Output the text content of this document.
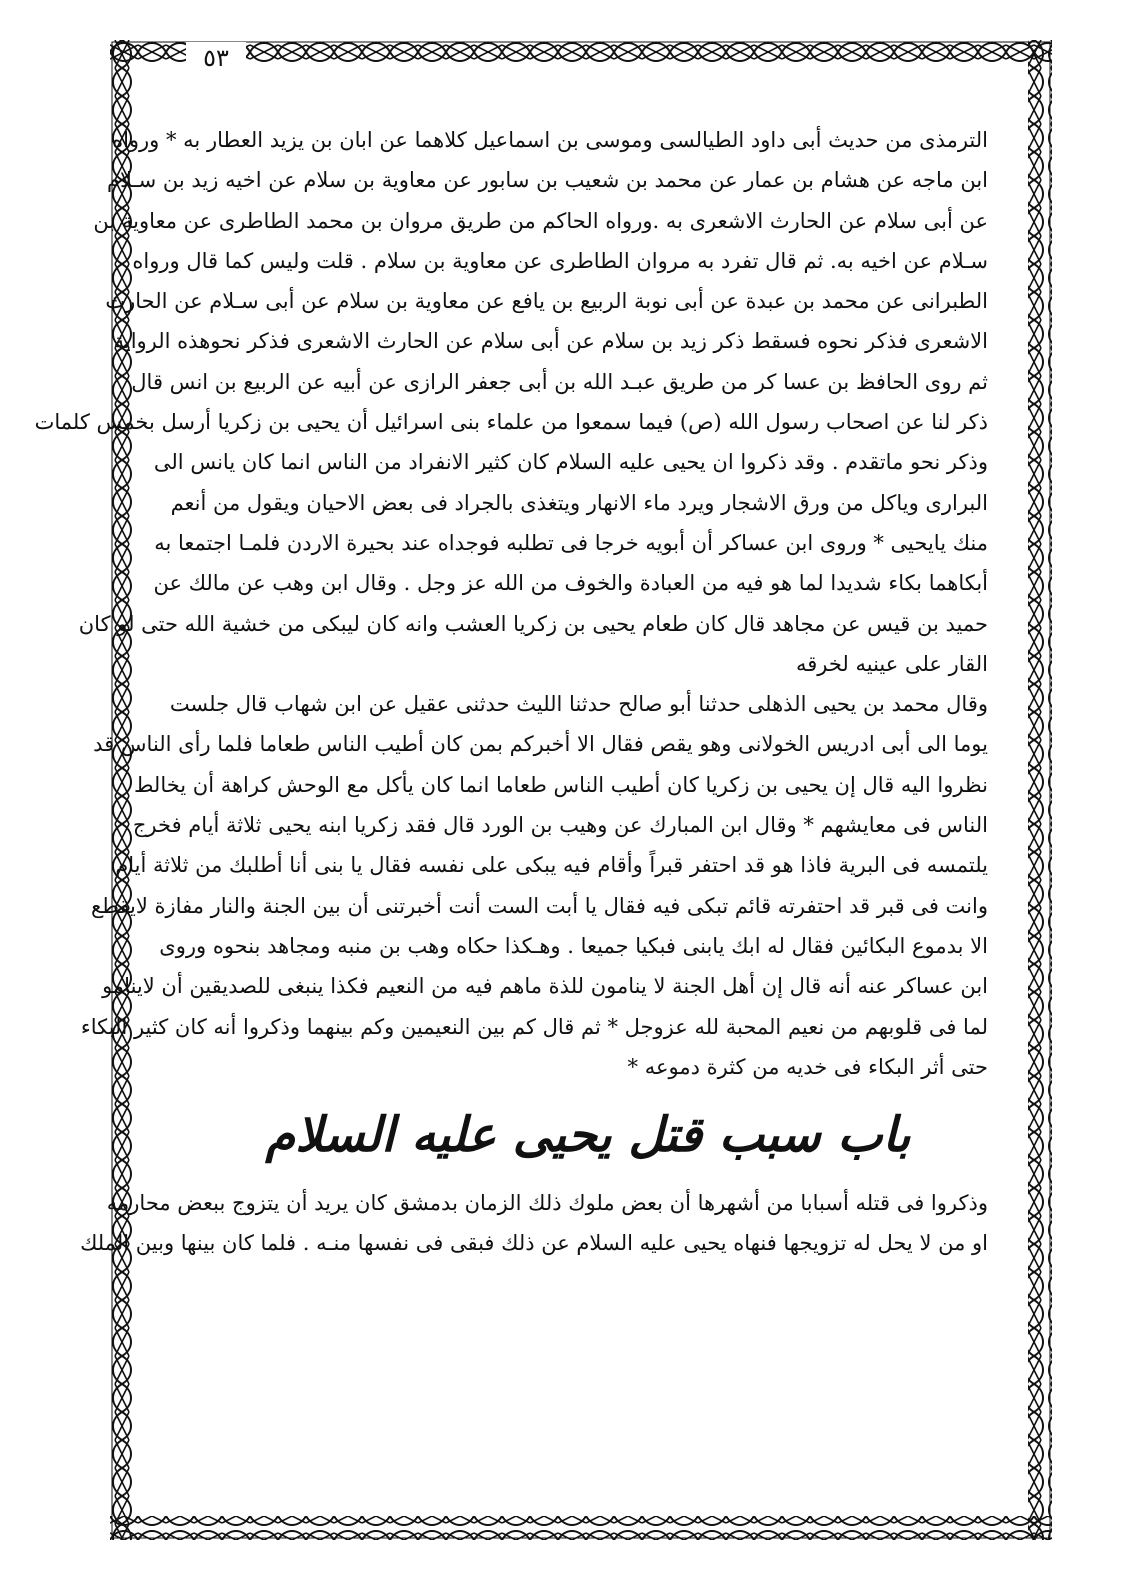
٥٣
الترمذى من حديث أبى داود الطيالسى وموسى بن اسماعيل كلاهما عن ابان بن يزيد العطار به * ورواه
ابن ماجه عن هشام بن عمار عن محمد بن شعيب بن سابور عن معاوية بن سلام عن اخيه زيد بن سـلام
عن أبى سلام عن الحارث الاشعرى به .ورواه الحاكم من طريق مروان بن محمد الطاطرى عن معاوية بن
سـلام عن اخيه به. ثم قال تفرد به مروان الطاطرى عن معاوية بن سلام . قلت وليس كما قال ورواه
الطبرانى عن محمد بن عبدة عن أبى نوبة الربيع بن يافع عن معاوية بن سلام عن أبى سـلام عن الحارث
الاشعرى فذكر نحوه فسقط ذكر زيد بن سلام عن أبى سلام عن الحارث الاشعرى فذكر نحوهذه الرواية
ثم روى الحافظ بن عسا كر من طريق عبـد الله بن أبى جعفر الرازى عن أبيه عن الربيع بن انس قال
ذكر لنا عن اصحاب رسول الله (ص) فيما سمعوا من علماء بنى اسرائيل أن يحيى بن زكريا أرسل بخمس كلمات
وذكر نحو ماتقدم . وقد ذكروا ان يحيى عليه السلام كان كثير الانفراد من الناس انما كان يانس الى
البرارى وياكل من ورق الاشجار ويرد ماء الانهار ويتغذى بالجراد فى بعض الاحيان ويقول من أنعم
منك يايحيى * وروى ابن عساكر أن أبويه خرجا فى تطلبه فوجداه عند بحيرة الاردن فلمـا اجتمعا به
أبكاهما بكاء شديدا لما هو فيه من العبادة والخوف من الله عز وجل . وقال ابن وهب عن مالك عن
حميد بن قيس عن مجاهد قال كان طعام يحيى بن زكريا العشب وانه كان ليبكى من خشية الله حتى لو كان
القار على عينيه لخرقه
وقال محمد بن يحيى الذهلى حدثنا أبو صالح حدثنا الليث حدثنى عقيل عن ابن شهاب قال جلست
يوما الى أبى ادريس الخولانى وهو يقص فقال الا أخبركم بمن كان أطيب الناس طعاما فلما رأى الناس قد
نظروا اليه قال إن يحيى بن زكريا كان أطيب الناس طعاما انما كان يأكل مع الوحش كراهة أن يخالط
الناس فى معايشهم * وقال ابن المبارك عن وهيب بن الورد قال فقد زكريا ابنه يحيى ثلاثة أيام فخرج
يلتمسه فى البرية فاذا هو قد احتفر قبراً وأقام فيه يبكى على نفسه فقال يا بنى أنا أطلبك من ثلاثة أيام
وانت فى قبر قد احتفرته قائم تبكى فيه فقال يا أبت الست أنت أخبرتنى أن بين الجنة والنار مفازة لايقطع
الا بدموع البكائين فقال له ابك يابنى فبكيا جميعا . وهـكذا حكاه وهب بن منبه ومجاهد بنحوه وروى
ابن عساكر عنه أنه قال إن أهل الجنة لا ينامون للذة ماهم فيه من النعيم فكذا ينبغى للصديقين أن لاينامو
لما فى قلوبهم من نعيم المحبة لله عزوجل * ثم قال كم بين النعيمين وكم بينهما وذكروا أنه كان كثير البكاء
حتى أثر البكاء فى خديه من كثرة دموعه *
باب سبب قتل يحيى عليه السلام
وذكروا فى قتله أسبابا من أشهرها أن بعض ملوك ذلك الزمان بدمشق كان يريد أن يتزوج ببعض محارمه
او من لا يحل له تزويجها فنهاه يحيى عليه السلام عن ذلك فبقى فى نفسها منـه . فلما كان بينها وبين الملك
